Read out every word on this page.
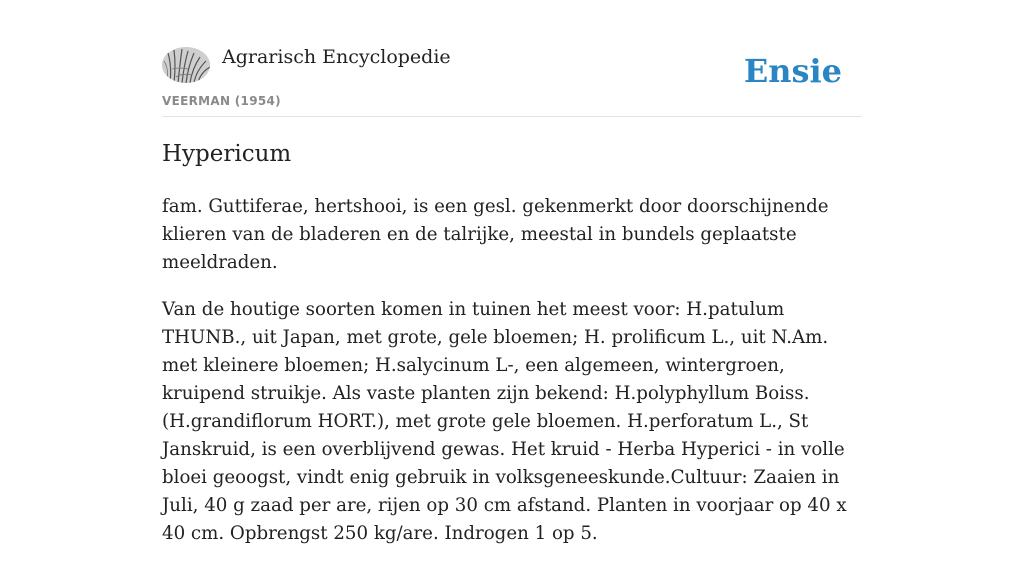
Agrarisch Encyclopedie
VEERMAN (1954)
Ensie
Hypericum

fam. Guttiferae, hertshooi, is een gesl. gekenmerkt door doorschijnende klieren van de bladeren en de talrijke, meestal in bundels geplaatste meeldraden.

Van de houtige soorten komen in tuinen het meest voor: H.patulum THUNB., uit Japan, met grote, gele bloemen; H. prolificum L., uit N.Am. met kleinere bloemen; H.salycinum L-, een algemeen, wintergroen, kruipend struikje. Als vaste planten zijn bekend: H.polyphyllum Boiss. (H.grandiflorum HORT.), met grote gele bloemen. H.perforatum L., St Janskruid, is een overblijvend gewas. Het kruid - Herba Hyperici - in volle bloei geoogst, vindt enig gebruik in volksgeneeskunde.Cultuur: Zaaien in Juli, 40 g zaad per are, rijen op 30 cm afstand. Planten in voorjaar op 40 x 40 cm. Opbrengst 250 kg/are. Indrogen 1 op 5.
